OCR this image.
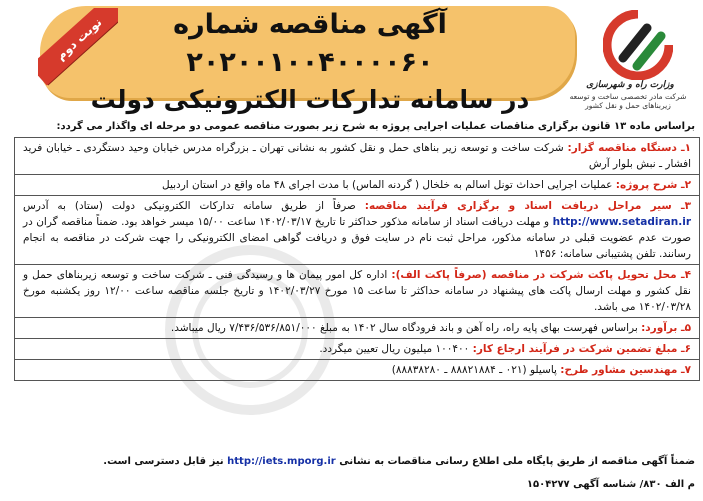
نوبت دوم	آگهی مناقصه شماره ۲۰۲۰۰۱۰۰۴۰۰۰۰۶۰
در سامانه تدارکات الکترونیکی دولت	وزارت راه و شهرسازی
شرکت مادر تخصصی ساخت و توسعه زیربناهای حمل و نقل کشور
براساس ماده ۱۳ قانون برگزاری مناقصات عملیات اجرایی پروژه به شرح زیر بصورت مناقصه عمومی دو مرحله ای واگذار می گردد:
۱ـ دستگاه مناقصه گزار: شرکت ساخت و توسعه زیر بناهای حمل و نقل کشور به نشانی تهران ـ بزرگراه مدرس خیابان وحید دستگردی ـ خیابان فرید افشار ـ نبش بلوار آرش
۲ـ شرح پروژه: عملیات اجرایی احداث تونل اسالم به خلخال ( گردنه الماس) با مدت اجرای ۴۸ ماه واقع در استان اردبیل
۳ـ سیر مراحل دریافت اسناد و برگزاری فرآیند مناقصه: صرفاً از طریق سامانه تدارکات الکترونیکی دولت (ستاد) به آدرس http://www.setadiran.ir و مهلت دریافت اسناد از سامانه مذکور حداکثر تا تاریخ ۱۴۰۲/۰۳/۱۷ ساعت ۱۵/۰۰ میسر خواهد بود. ضمناً مناقصه گران در صورت عدم عضویت قبلی در سامانه مذکور، مراحل ثبت نام در سایت فوق و دریافت گواهی امضای الکترونیکی را جهت شرکت در مناقصه به انجام رسانند. تلفن پشتیبانی سامانه: ۱۴۵۶
۴ـ محل تحویل پاکت شرکت در مناقصه (صرفاً پاکت الف): اداره کل امور پیمان ها و رسیدگی فنی ـ شرکت ساخت و توسعه زیربناهای حمل و نقل کشور و مهلت ارسال پاکت های پیشنهاد در سامانه حداکثر تا ساعت ۱۵ مورخ ۱۴۰۲/۰۳/۲۷ و تاریخ جلسه مناقصه ساعت ۱۲/۰۰ روز یکشنبه مورخ ۱۴۰۲/۰۳/۲۸ می باشد.
۵ـ برآورد: براساس فهرست بهای پایه راه، راه آهن و باند فرودگاه سال ۱۴۰۲ به مبلغ ۷/۴۳۶/۵۳۶/۸۵۱/۰۰۰ ریال میباشد.
۶ـ مبلغ تضمین شرکت در فرآیند ارجاع کار: ۱۰۰۴۰۰ میلیون ریال تعیین میگردد.
۷ـ مهندسین مشاور طرح: پاسیلو (۰۲۱ ـ ۸۸۸۲۱۸۸۴ ـ ۸۸۸۳۸۲۸۰)
ضمناً آگهی مناقصه از طریق پایگاه ملی اطلاع رسانی مناقصات به نشانی http://iets.mporg.ir نیز قابل دسترسی است.
م الف ۸۳۰/ شناسه آگهی ۱۵۰۴۲۷۷
